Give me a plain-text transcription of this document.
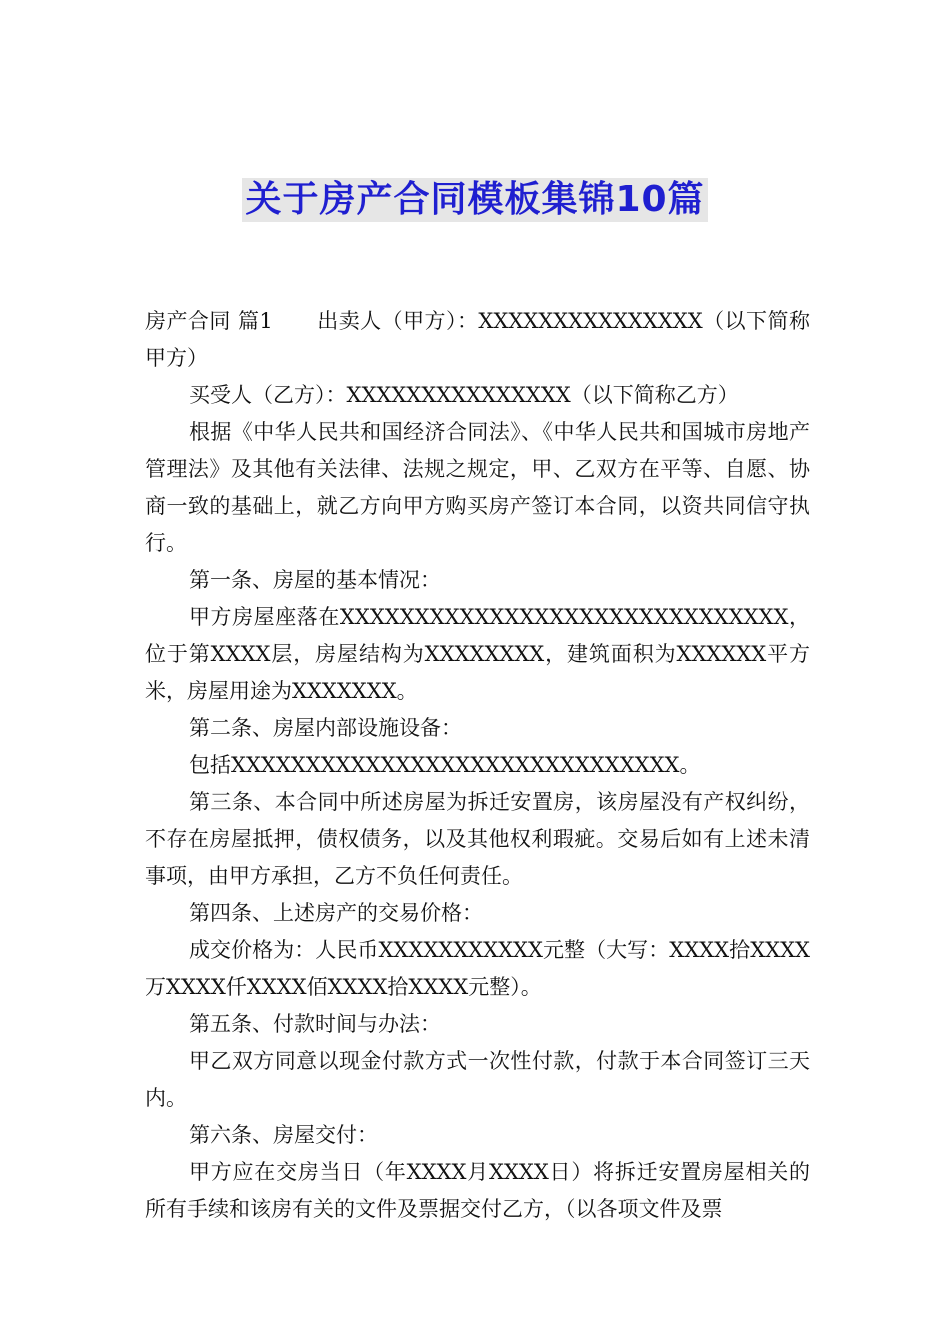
关于房产合同模板集锦10篇

房产合同 篇1 出卖人（甲方）：XXXXXXXXXXXXXXX（以下简称甲方）

买受人（乙方）：XXXXXXXXXXXXXXX（以下简称乙方）

根据《中华人民共和国经济合同法》、《中华人民共和国城市房地产管理法》及其他有关法律、法规之规定，甲、乙双方在平等、自愿、协商一致的基础上，就乙方向甲方购买房产签订本合同，以资共同信守执行。

第一条、房屋的基本情况：

甲方房屋座落在XXXXXXXXXXXXXXXXXXXXXXXXXXXXXX，位于第XXXX层，房屋结构为XXXXXXXX，建筑面积为XXXXXX平方米，房屋用途为XXXXXXX。

第二条、房屋内部设施设备：

包括XXXXXXXXXXXXXXXXXXXXXXXXXXXXXX。

第三条、本合同中所述房屋为拆迁安置房，该房屋没有产权纠纷，不存在房屋抵押，债权债务，以及其他权利瑕疵。交易后如有上述未清事项，由甲方承担，乙方不负任何责任。

第四条、上述房产的交易价格：

成交价格为：人民币XXXXXXXXXXX元整（大写：XXXX拾XXXX万XXXX仟XXXX佰XXXX拾XXXX元整）。

第五条、付款时间与办法：

甲乙双方同意以现金付款方式一次性付款，付款于本合同签订三天内。

第六条、房屋交付：

甲方应在交房当日（年XXXX月XXXX日）将拆迁安置房屋相关的所有手续和该房有关的文件及票据交付乙方，（以各项文件及票
